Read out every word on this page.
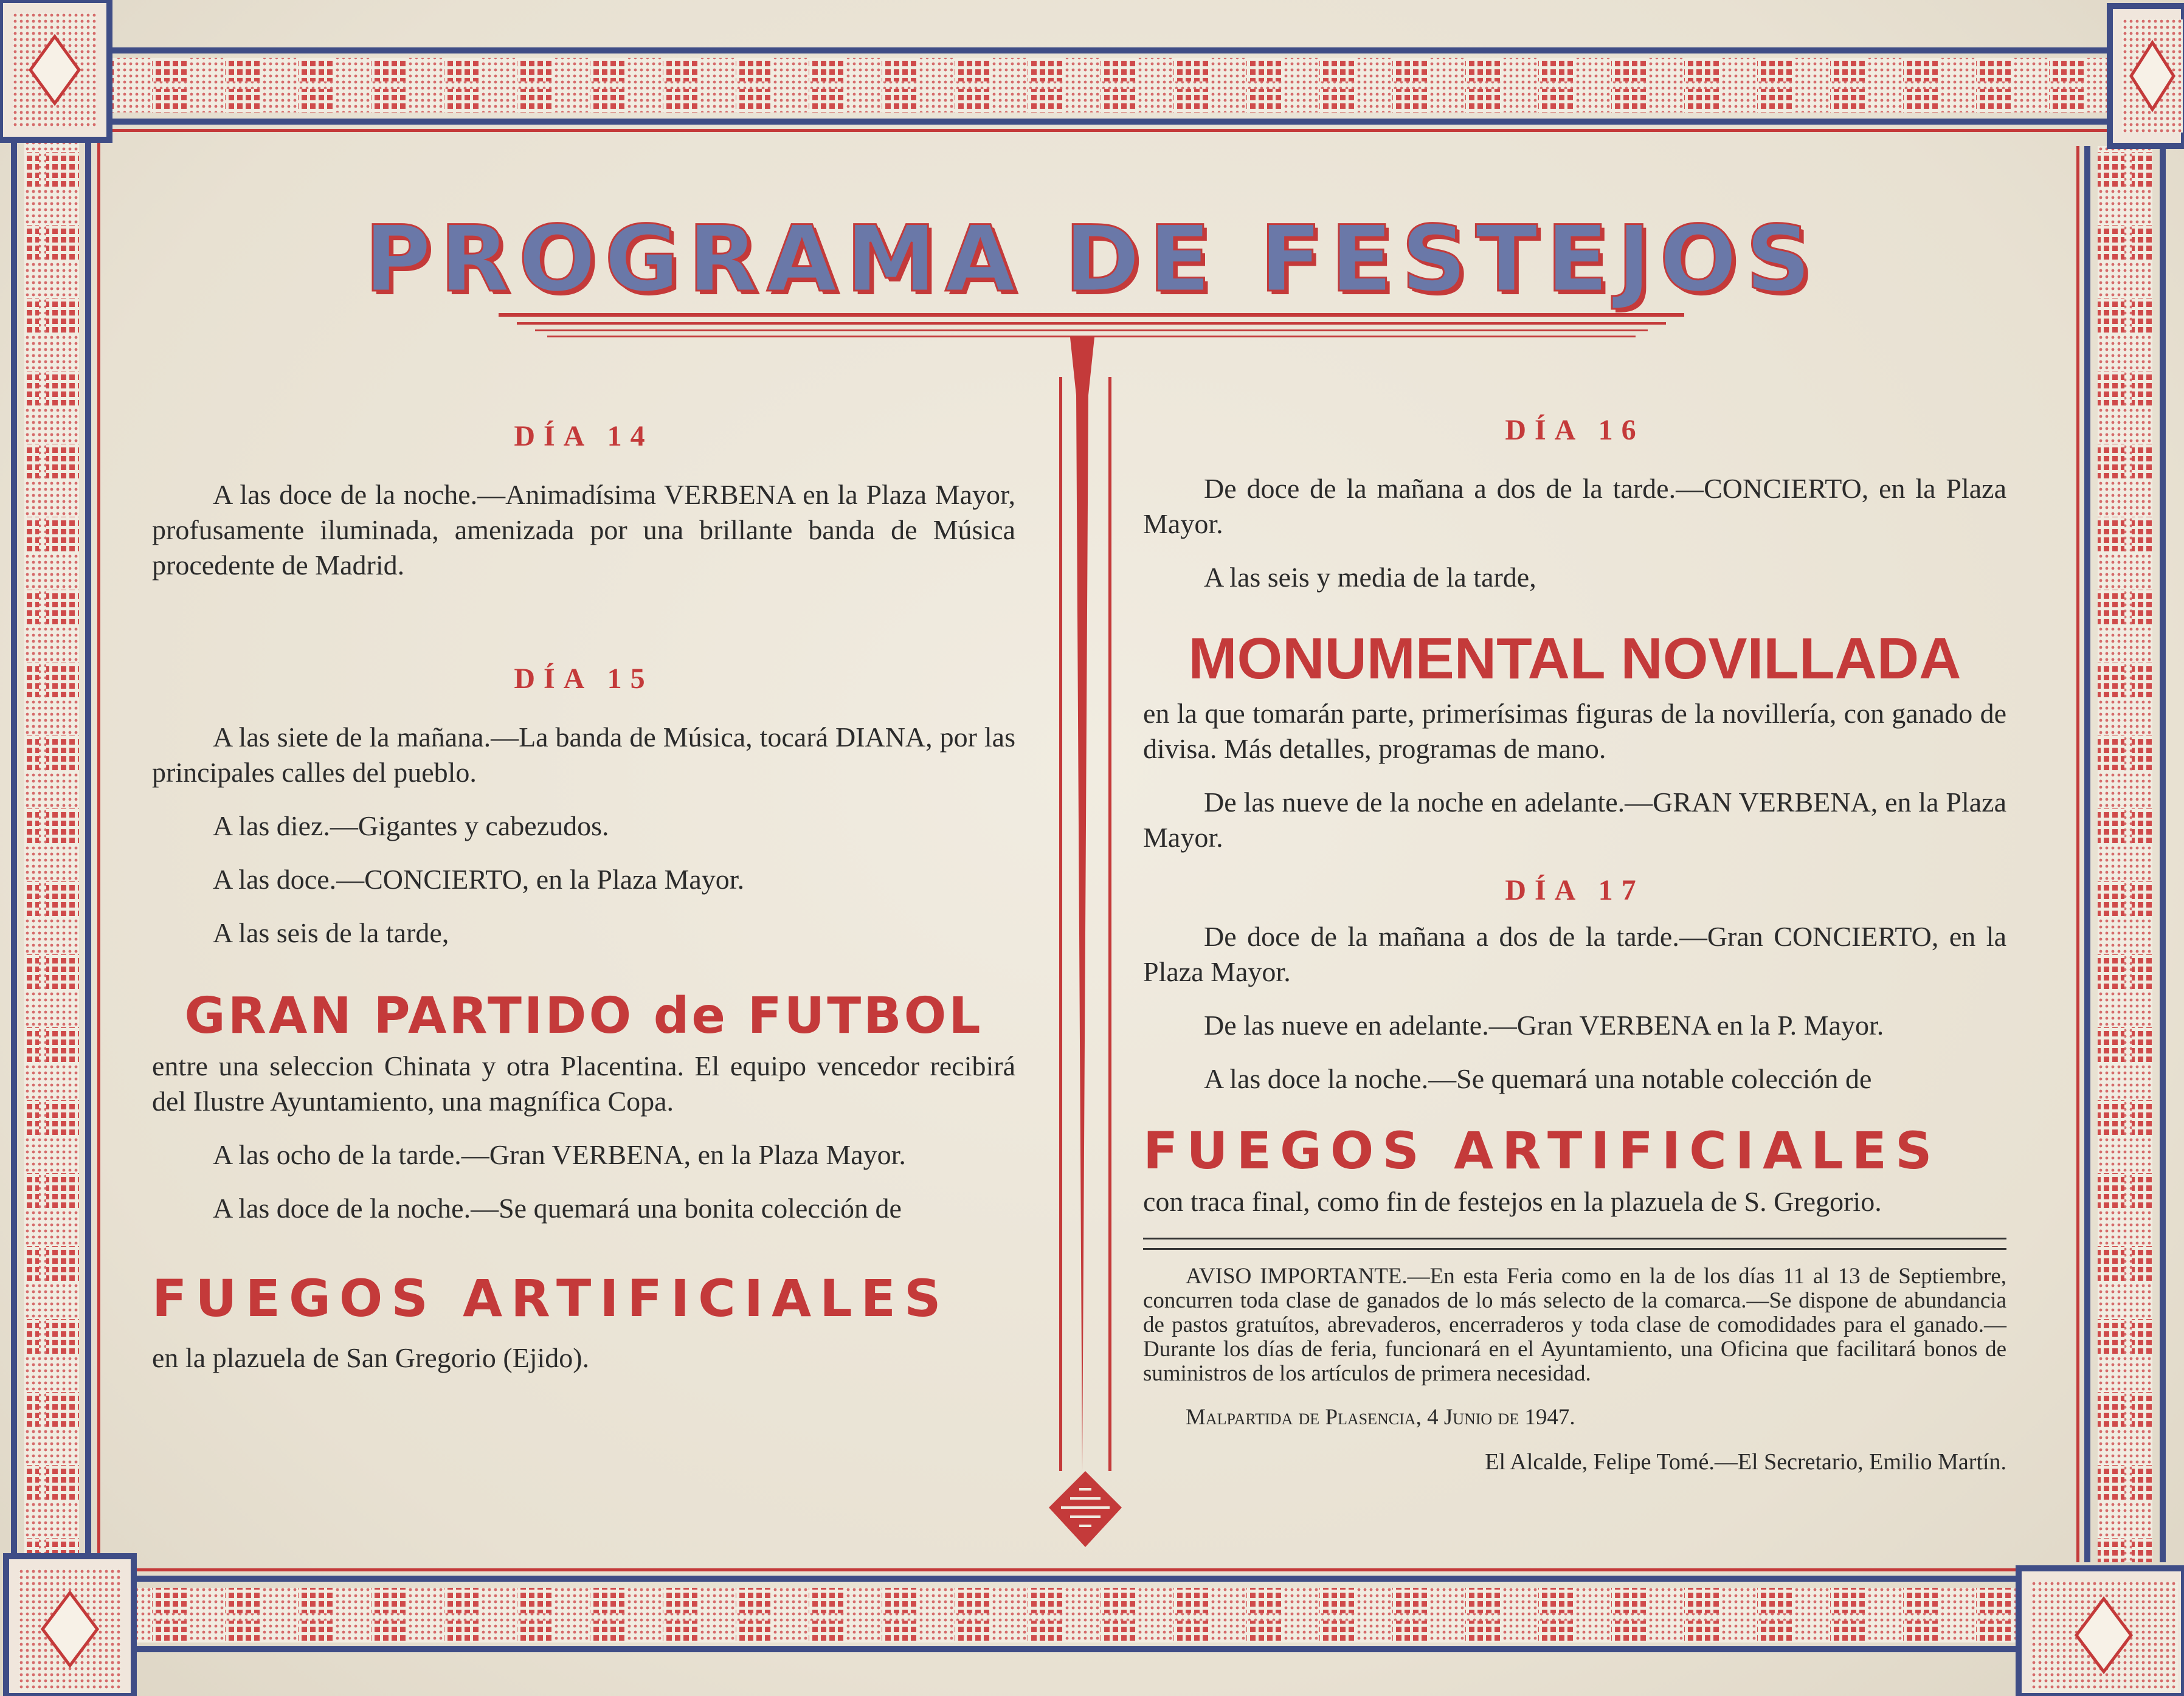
PROGRAMA DE FESTEJOS
DÍA 14

A las doce de la noche.—Animadísima VERBENA en la Plaza Mayor, profusamente iluminada, amenizada por una brillante banda de Música procedente de Madrid.

DÍA 15

A las siete de la mañana.—La banda de Música, tocará DIANA, por las principales calles del pueblo.

A las diez.—Gigantes y cabezudos.

A las doce.—CONCIERTO, en la Plaza Mayor.

A las seis de la tarde,

GRAN PARTIDO de FUTBOL

entre una seleccion Chinata y otra Placentina. El equipo vencedor recibirá del Ilustre Ayuntamiento, una magnífica Copa.

A las ocho de la tarde.—Gran VERBENA, en la Plaza Mayor.

A las doce de la noche.—Se quemará una bonita colección de

FUEGOS ARTIFICIALES

en la plazuela de San Gregorio (Ejido).

DÍA 16

De doce de la mañana a dos de la tarde.—CONCIERTO, en la Plaza Mayor.

A las seis y media de la tarde,

MONUMENTAL NOVILLADA

en la que tomarán parte, primerísimas figuras de la novillería, con ganado de divisa. Más detalles, programas de mano.

De las nueve de la noche en adelante.—GRAN VERBENA, en la Plaza Mayor.

DÍA 17

De doce de la mañana a dos de la tarde.—Gran CONCIERTO, en la Plaza Mayor.

De las nueve en adelante.—Gran VERBENA en la P. Mayor.

A las doce la noche.—Se quemará una notable colección de

FUEGOS ARTIFICIALES

con traca final, como fin de festejos en la plazuela de S. Gregorio.

AVISO IMPORTANTE.—En esta Feria como en la de los días 11 al 13 de Septiembre, concurren toda clase de ganados de lo más selecto de la comarca.—Se dispone de abundancia de pastos gratuítos, abrevaderos, encerraderos y toda clase de comodidades para el ganado.—Durante los días de feria, funcionará en el Ayuntamiento, una Oficina que facilitará bonos de suministros de los artículos de primera necesidad.

Malpartida de Plasencia, 4 Junio de 1947.

El Alcalde, Felipe Tomé.—El Secretario, Emilio Martín.
